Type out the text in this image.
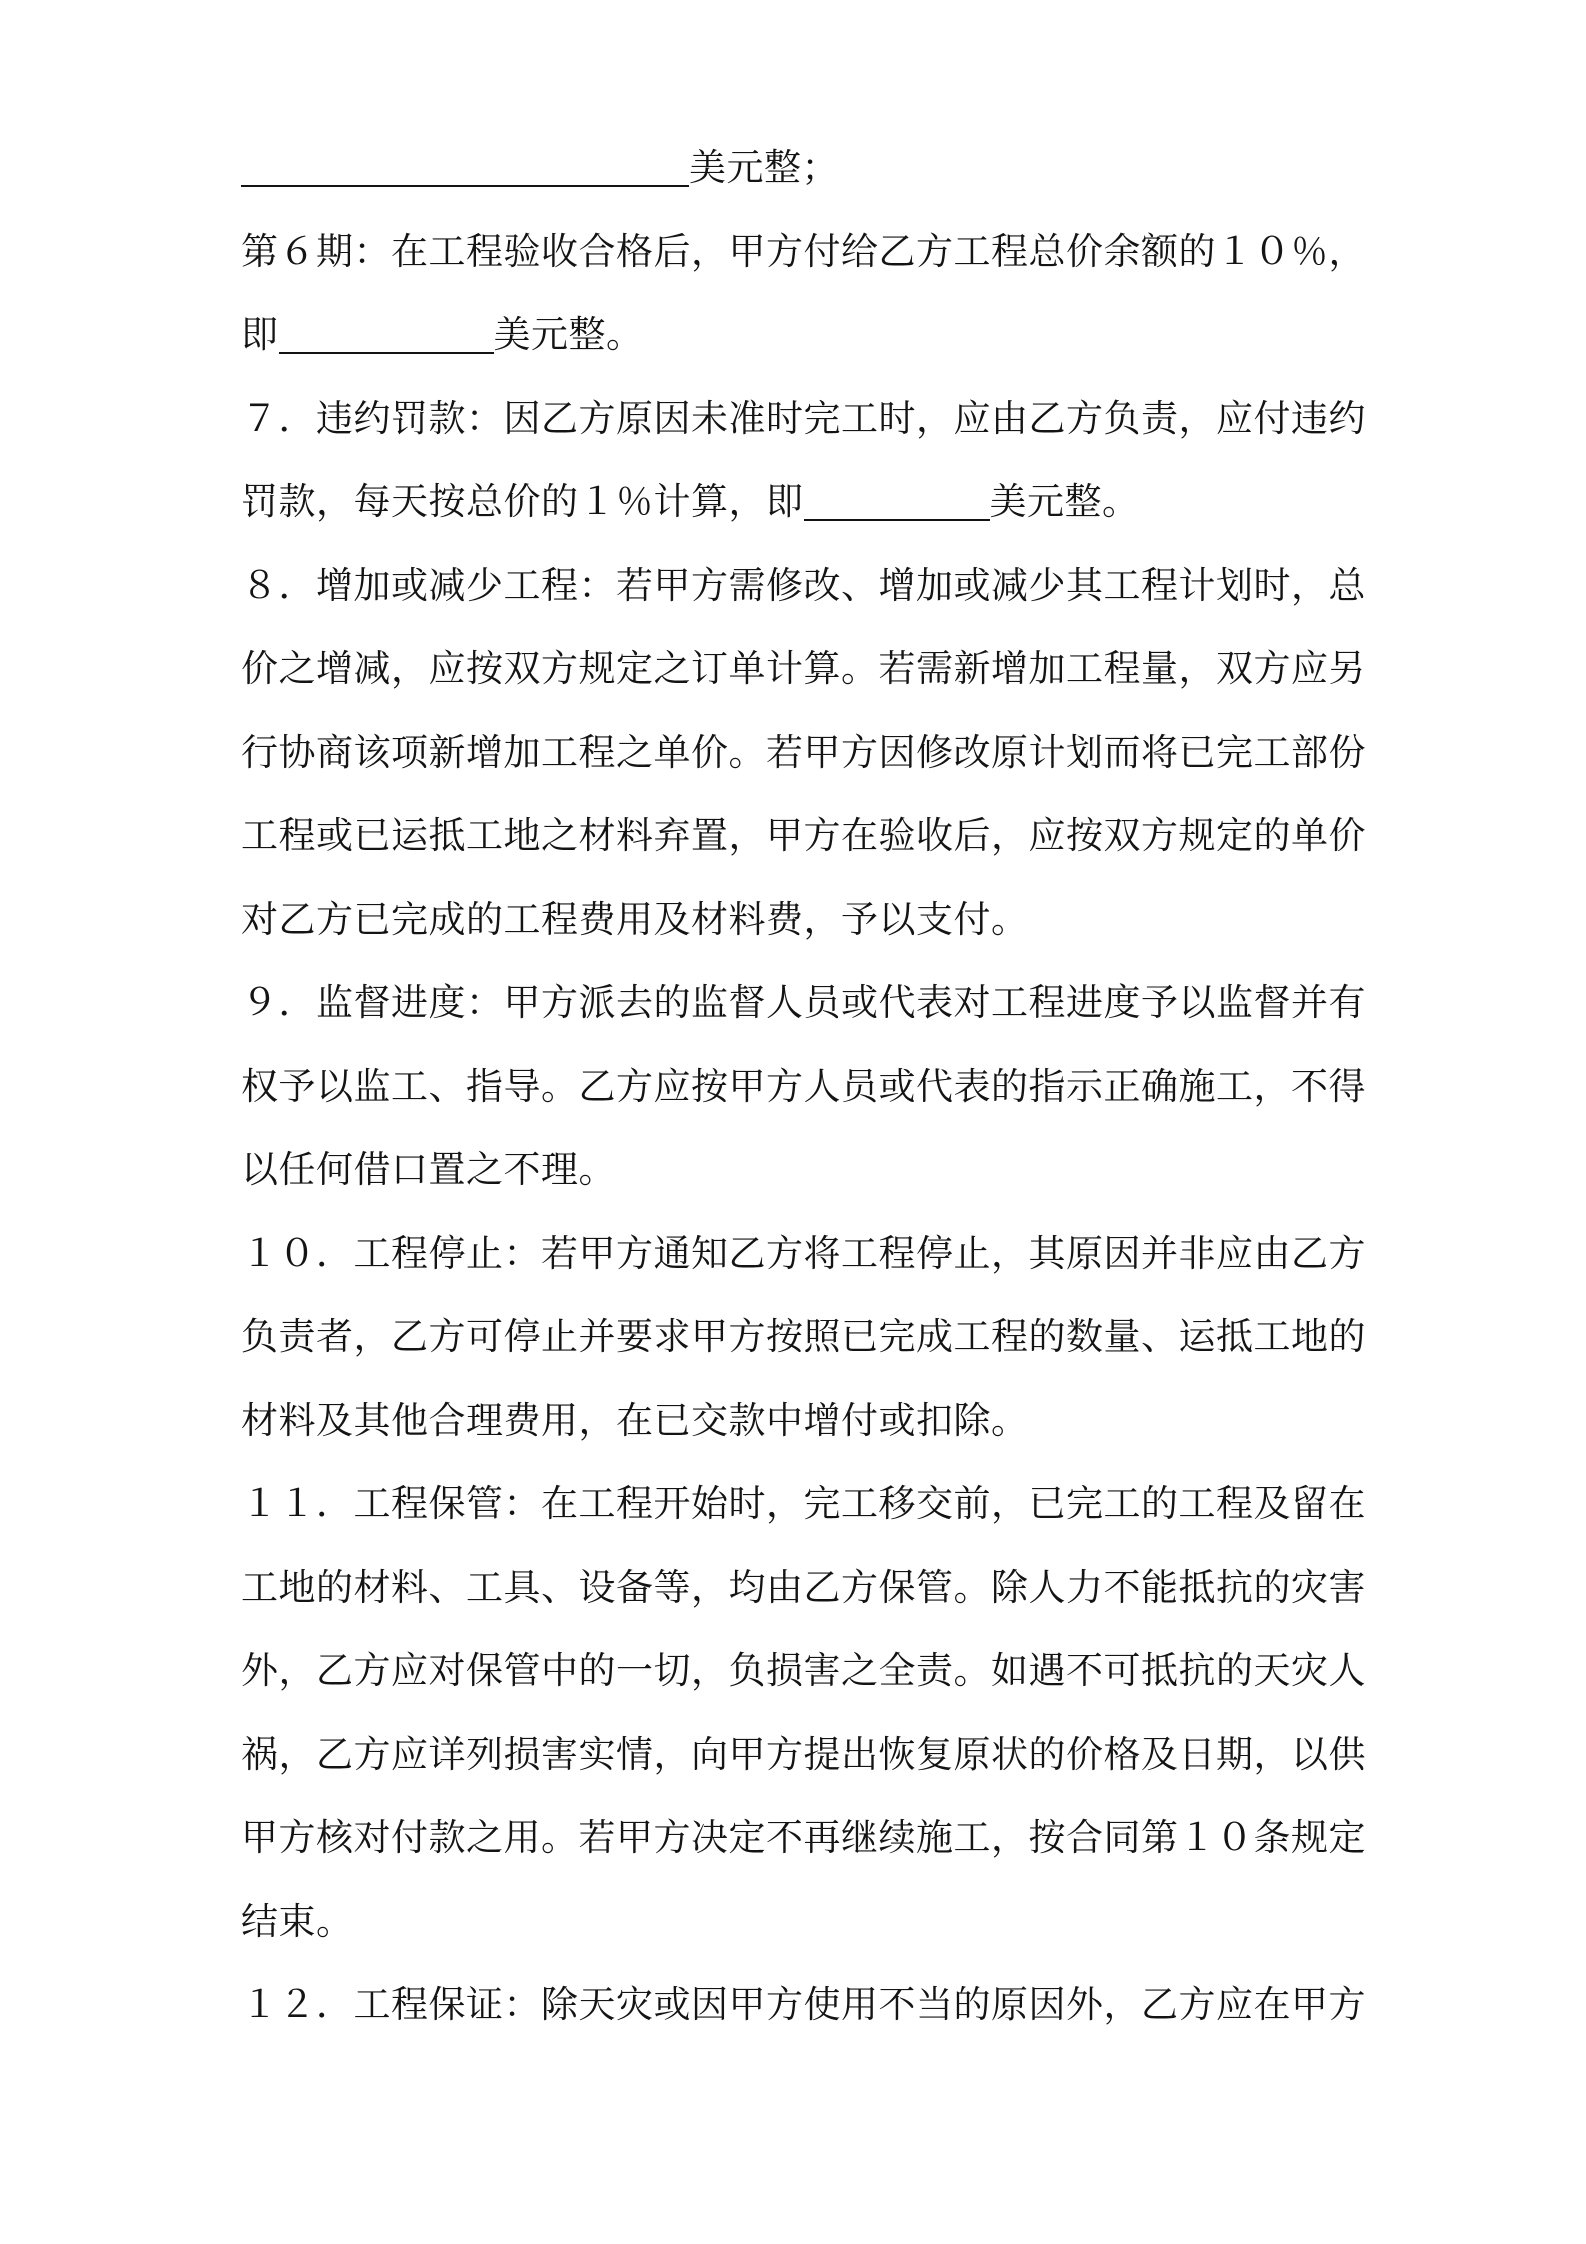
美元整；
第６期：在工程验收合格后，甲方付给乙方工程总价余额的１０％，
即	美元整。
７．违约罚款：因乙方原因未准时完工时，应由乙方负责，应付违约
罚款，每天按总价的１％计算，即	美元整。
８．增加或减少工程：若甲方需修改、增加或减少其工程计划时，总
价之增减，应按双方规定之订单计算。若需新增加工程量，双方应另
行协商该项新增加工程之单价。若甲方因修改原计划而将已完工部份
工程或已运抵工地之材料弃置，甲方在验收后，应按双方规定的单价
对乙方已完成的工程费用及材料费，予以支付。
９．监督进度：甲方派去的监督人员或代表对工程进度予以监督并有
权予以监工、指导。乙方应按甲方人员或代表的指示正确施工，不得
以任何借口置之不理。
１０．工程停止：若甲方通知乙方将工程停止，其原因并非应由乙方
负责者，乙方可停止并要求甲方按照已完成工程的数量、运抵工地的
材料及其他合理费用，在已交款中增付或扣除。
１１．工程保管：在工程开始时，完工移交前，已完工的工程及留在
工地的材料、工具、设备等，均由乙方保管。除人力不能抵抗的灾害
外，乙方应对保管中的一切，负损害之全责。如遇不可抵抗的天灾人
祸，乙方应详列损害实情，向甲方提出恢复原状的价格及日期，以供
甲方核对付款之用。若甲方决定不再继续施工，按合同第１０条规定
结束。
１２．工程保证：除天灾或因甲方使用不当的原因外，乙方应在甲方
